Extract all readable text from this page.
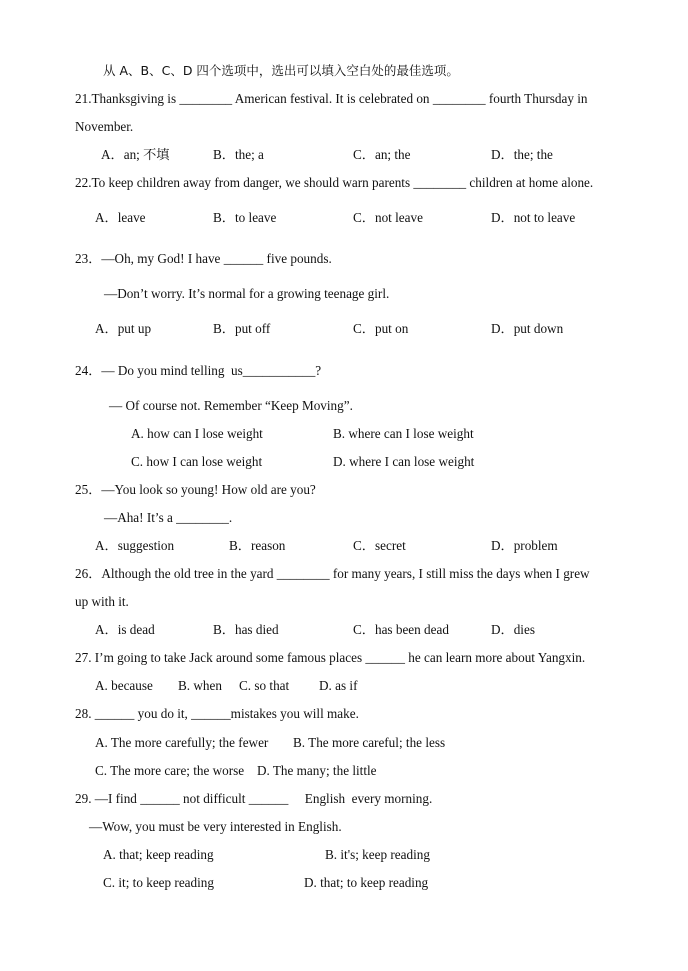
从 A、B、C、D 四个选项中，选出可以填入空白处的最佳选项。
21.Thanksgiving is ________ American festival. It is celebrated on ________ fourth Thursday in
November.
A．an; 不填	B．the; a	C．an; the	D．the; the
22.To keep children away from danger, we should warn parents ________ children at home alone.
A．leave	B．to leave	C．not leave	D．not to leave
23．—Oh, my God! I have ______ five pounds.
—Don’t worry. It’s normal for a growing teenage girl.
A．put up	B．put off	C．put on	D．put down
24．— Do you mind telling  us___________?
— Of course not. Remember “Keep Moving”.
A. how can I lose weight	B. where can I lose weight
C. how I can lose weight	D. where I can lose weight
25．—You look so young! How old are you?
—Aha! It’s a ________.
A．suggestion	B．reason	C．secret	D．problem
26．Although the old tree in the yard ________ for many years, I still miss the days when I grew
up with it.
A．is dead	B．has died	C．has been dead	D．dies
27. I’m going to take Jack around some famous places ______ he can learn more about Yangxin.
A. because B. when C. so that D. as if
28. ______ you do it, ______mistakes you will make.
A. The more carefully; the fewer B. The more careful; the less
C. The more care; the worse D. The many; the little
29. —I find ______ not difficult ______     English  every morning.
—Wow, you must be very interested in English.
A. that; keep reading	B. it's; keep reading
C. it; to keep reading	D. that; to keep reading
